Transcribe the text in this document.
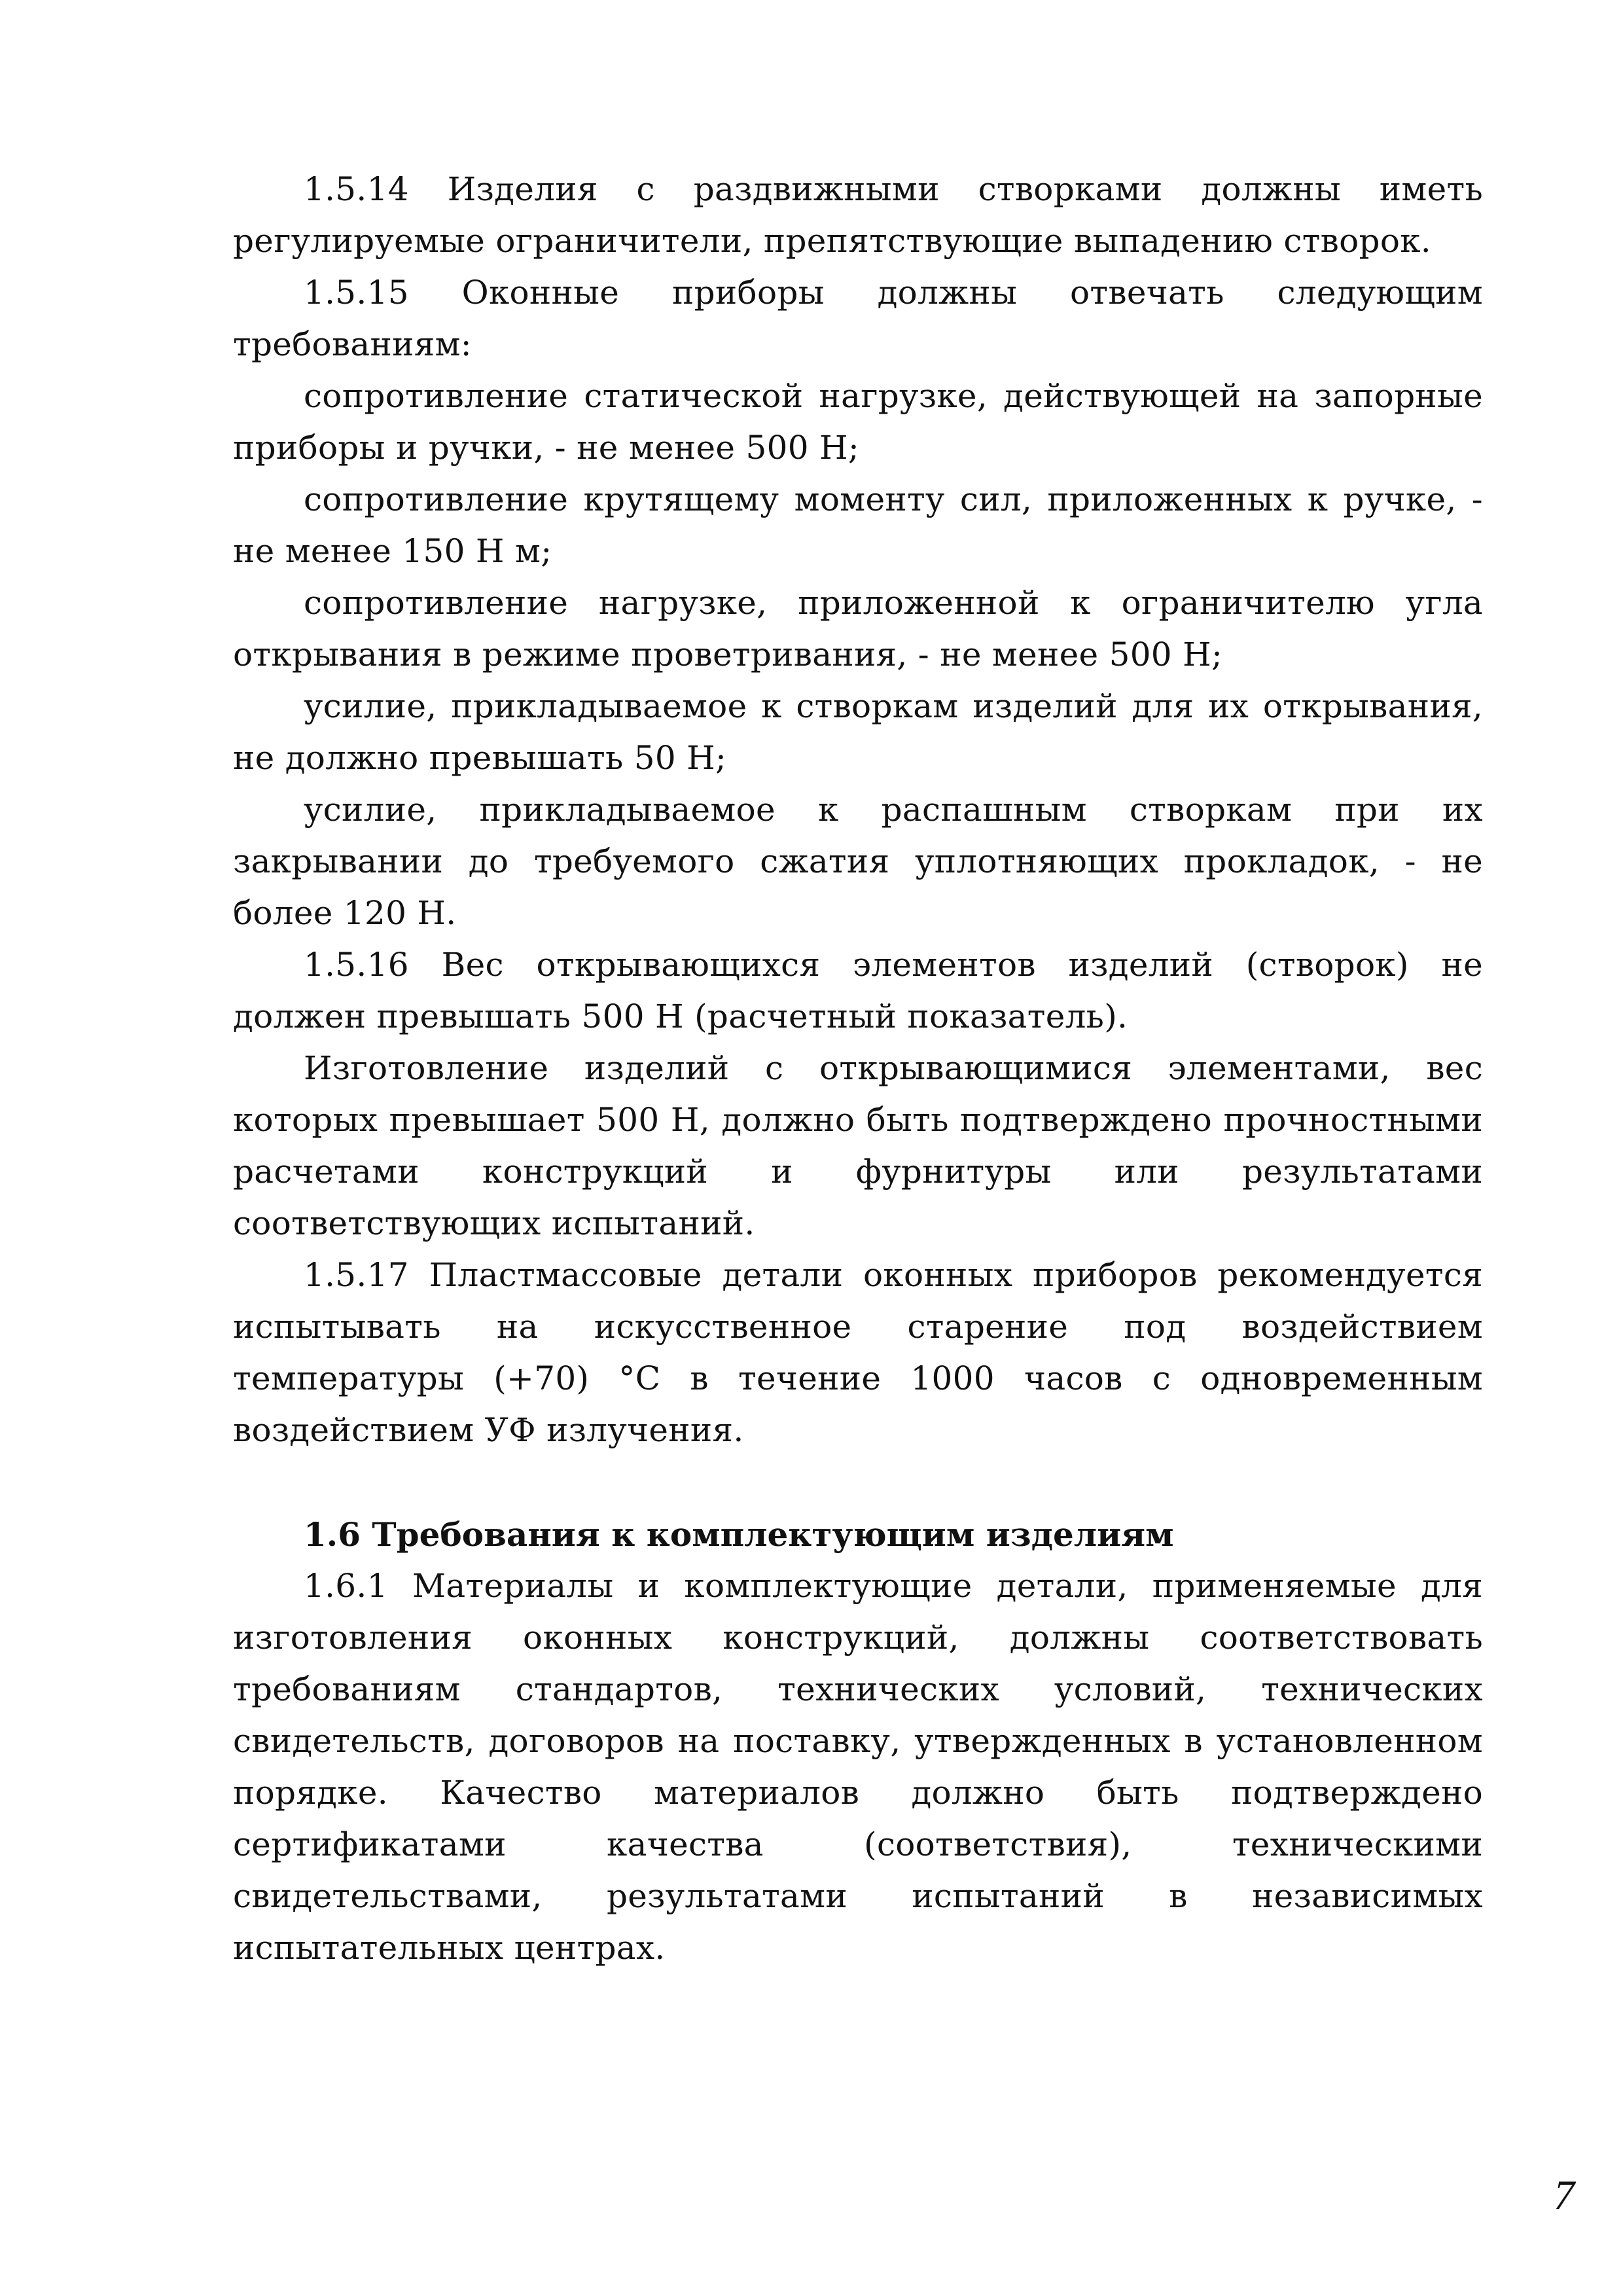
1.5.14 Изделия с раздвижными створками должны иметь регулируемые ограничители, препятствующие выпадению створок.

1.5.15 Оконные приборы должны отвечать следующим требованиям:

сопротивление статической нагрузке, действующей на запорные приборы и ручки, - не менее 500 Н;

сопротивление крутящему моменту сил, приложенных к ручке, - не менее 150 Н м;

сопротивление нагрузке, приложенной к ограничителю угла открывания в режиме проветривания, - не менее 500 Н;

усилие, прикладываемое к створкам изделий для их открывания, не должно превышать 50 Н;

усилие, прикладываемое к распашным створкам при их закрывании до требуемого сжатия уплотняющих прокладок, - не более 120 Н.

1.5.16 Вес открывающихся элементов изделий (створок) не должен превышать 500 Н (расчетный показатель).

Изготовление изделий с открывающимися элементами, вес которых превышает 500 Н, должно быть подтверждено прочностными расчетами конструкций и фурнитуры или результатами соответствующих испытаний.

1.5.17 Пластмассовые детали оконных приборов рекомендуется испытывать на искусственное старение под воздействием температуры (+70) °С в течение 1000 часов с одновременным воздействием УФ излучения.

1.6 Требования к комплектующим изделиям

1.6.1 Материалы и комплектующие детали, применяемые для изготовления оконных конструкций, должны соответствовать требованиям стандартов, технических условий, технических свидетельств, договоров на поставку, утвержденных в установленном порядке. Качество материалов должно быть подтверждено сертификатами качества (соответствия), техническими свидетельствами, результатами испытаний в независимых испытательных центрах.

7
